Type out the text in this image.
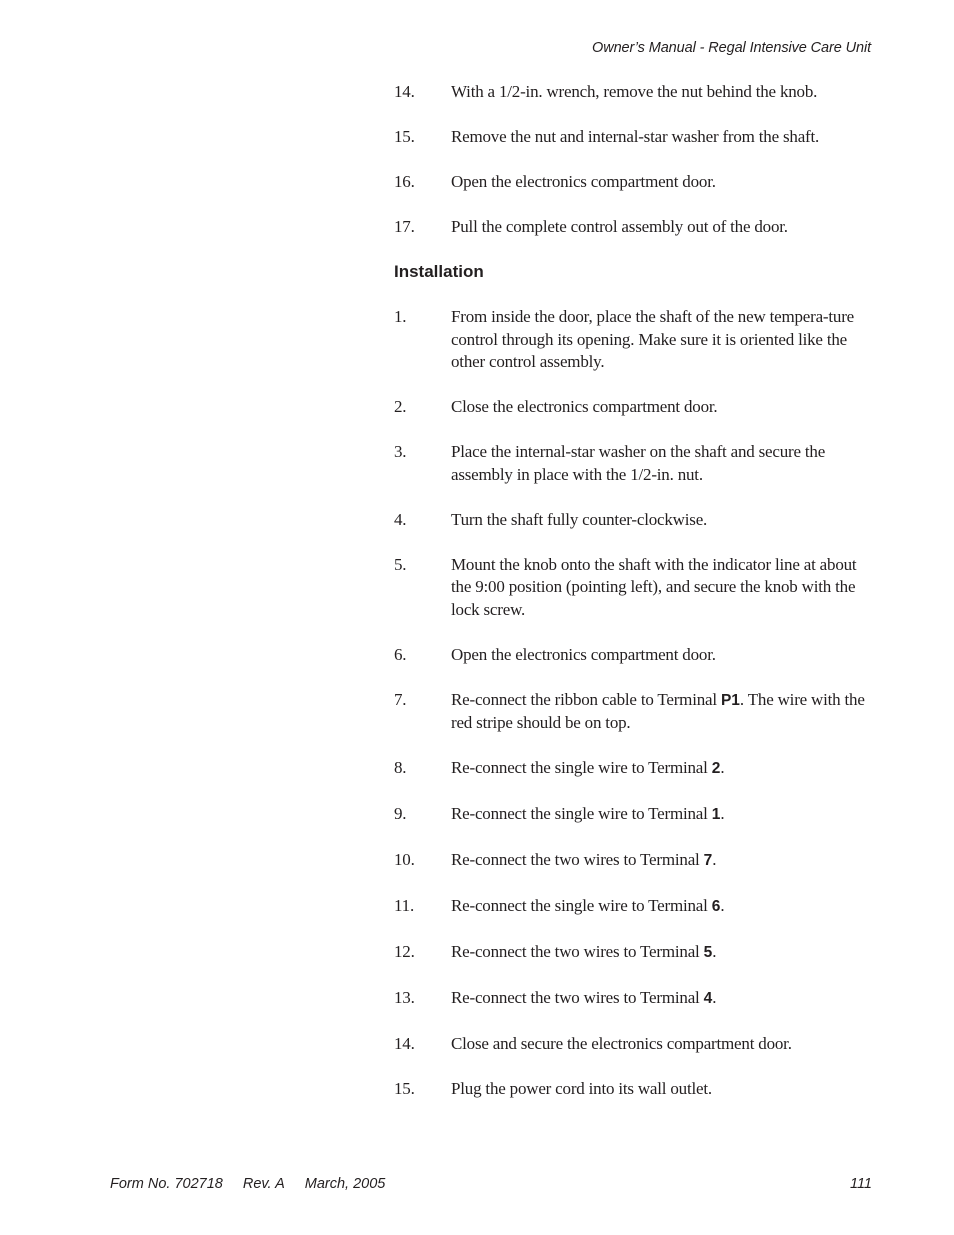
Owner’s Manual - Regal Intensive Care Unit
14.	With a 1/2-in. wrench, remove the nut behind the knob.
15.	Remove the nut and internal-star washer from the shaft.
16.	Open the electronics compartment door.
17.	Pull the complete control assembly out of the door.
Installation
1.	From inside the door, place the shaft of the new tempera-ture control through its opening. Make sure it is oriented like the other control assembly.
2.	Close the electronics compartment door.
3.	Place the internal-star washer on the shaft and secure the assembly in place with the 1/2-in. nut.
4.	Turn the shaft fully counter-clockwise.
5.	Mount the knob onto the shaft with the indicator line at about the 9:00 position (pointing left), and secure the knob with the lock screw.
6.	Open the electronics compartment door.
7.	Re-connect the ribbon cable to Terminal P1. The wire with the red stripe should be on top.
8.	Re-connect the single wire to Terminal 2.
9.	Re-connect the single wire to Terminal 1.
10.	Re-connect the two wires to Terminal 7.
11.	Re-connect the single wire to Terminal 6.
12.	Re-connect the two wires to Terminal 5.
13.	Re-connect the two wires to Terminal 4.
14.	Close and secure the electronics compartment door.
15.	Plug the power cord into its wall outlet.
Form No. 702718 Rev. A March, 2005	111
